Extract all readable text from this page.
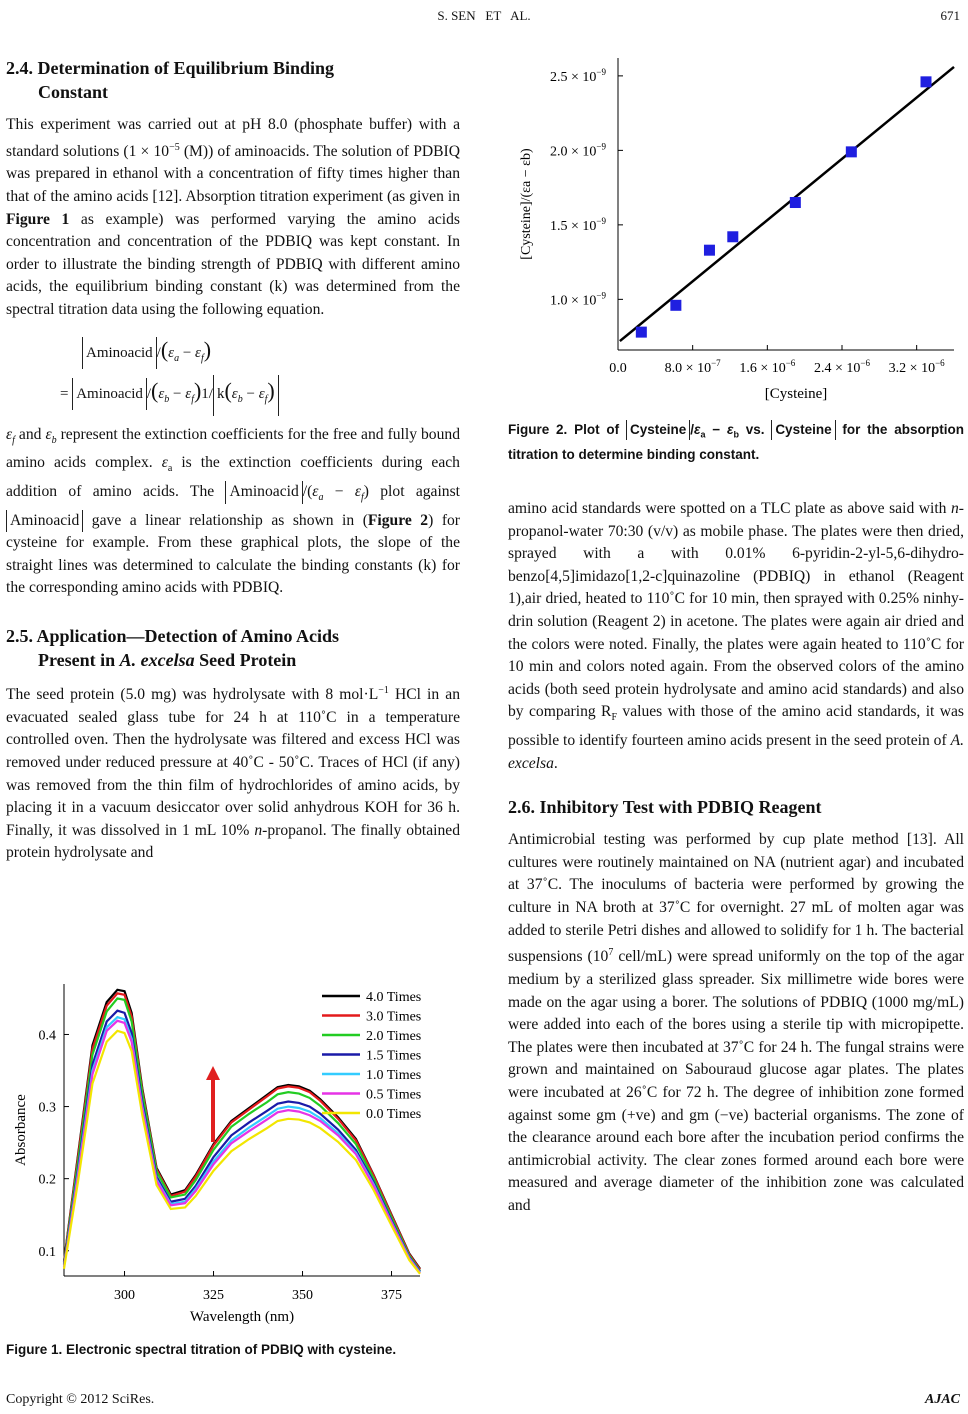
S. SEN   ET   AL.	671
2.4. Determination of Equilibrium Binding
Constant

This experiment was carried out at pH 8.0 (phosphate buffer) with a standard solutions ($1 \times 10^{-5}$ (M)) of aminoacids. The solution of PDBIQ was prepared in ethanol with a concentration of fifty times higher than that of the amino acids [12]. Absorption titration experiment (as given in Figure 1 as example) was performed varying the amino acids concentration and concentration of the PDBIQ was kept constant. In order to illustrate the binding strength of PDBIQ with different amino acids, the equilibrium binding constant (k) was determined from the spectral titration data using the following equation.

Aminoacid $/(\varepsilon_a - \varepsilon_f)$
= Aminoacid $/(\varepsilon_b - \varepsilon_f)1/$ $k(\varepsilon_b - \varepsilon_f)$

$\varepsilon_f$ and $\varepsilon_b$ represent the extinction coefficients for the free and fully bound amino acids complex. $\varepsilon_a$ is the extinction coefficients during each addition of amino acids. The Aminoacid $/(\varepsilon_a - \varepsilon_f)$ plot against Aminoacid gave a linear relationship as shown in (Figure 2) for cysteine for example. From these graphical plots, the slope of the straight lines was determined to calculate the binding constants (k) for the corresponding amino acids with PDBIQ.

2.5. Application—Detection of Amino Acids
Present in A. excelsa Seed Protein

The seed protein (5.0 mg) was hydrolysate with 8 $mol\cdot L^{-1}$ HCl in an evacuated sealed glass tube for 24 h at 110˚C in a temperature controlled oven. Then the hydrolysate was filtered and excess HCl was removed under reduced pressure at 40˚C - 50˚C. Traces of HCl (if any) was removed from the thin film of hydrochlorides of amino acids, by placing it in a vacuum desiccator over solid anhydrous KOH for 36 h. Finally, it was dissolved in 1 mL 10% n-propanol. The finally obtained protein hydrolysate and

300	325	350	375
0.1
0.2
0.3
0.4
Wavelength (nm)
Absorbance
4.0 Times
3.0 Times
2.0 Times
1.5 Times
1.0 Times
0.5 Times
0.0 Times
Figure 1. Electronic spectral titration of PDBIQ with cysteine.
0.0	$8.0 \times 10^{-7}$ $1.6 \times 10^{-6}$ $2.4 \times 10^{-6}$ $3.2 \times 10^{-6}$
$1.0 \times 10^{-9}$
$1.5 \times 10^{-9}$
$2.0 \times 10^{-9}$
$2.5 \times 10^{-9}$
[Cysteine]
[Cysteine]/(εa − εb)
Figure 2. Plot of Cysteine $/\varepsilon_a - \varepsilon_b$ vs. Cysteine for the absorption titration to determine binding constant.

amino acid standards were spotted on a TLC plate as above said with n-propanol-water 70:30 (v/v) as mobile phase. The plates were then dried, sprayed with a with 0.01% 6-pyridin-2-yl-5,6-dihydro-benzo[4,5]imidazo[1,2-c]quinazoline (PDBIQ) in ethanol (Reagent 1),air dried, heated to 110˚C for 10 min, then sprayed with 0.25% ninhydrin solution (Reagent 2) in acetone. The plates were again air dried and the colors were noted. Finally, the plates were again heated to 110˚C for 10 min and colors noted again. From the observed colors of the amino acids (both seed protein hydrolysate and amino acid standards) and also by comparing $R_F$ values with those of the amino acid standards, it was possible to identify fourteen amino acids present in the seed protein of A. excelsa.

2.6. Inhibitory Test with PDBIQ Reagent

Antimicrobial testing was performed by cup plate method [13]. All cultures were routinely maintained on NA (nutrient agar) and incubated at 37˚C. The inoculums of bacteria were performed by growing the culture in NA broth at 37˚C for overnight. 27 mL of molten agar was added to sterile Petri dishes and allowed to solidify for 1 h. The bacterial suspensions ($10^7$ cell/mL) were spread uniformly on the top of the agar medium by a sterilized glass spreader. Six millimetre wide bores were made on the agar using a borer. The solutions of PDBIQ (1000 mg/mL) were added into each of the bores using a sterile tip with micropipette. The plates were then incubated at 37˚C for 24 h. The fungal strains were grown and maintained on Sabouraud glucose agar plates. The plates were incubated at 26˚C for 72 h. The degree of inhibition zone formed against some gm (+ve) and gm (−ve) bacterial organisms. The zone of the clearance around each bore after the incubation period confirms the antimicrobial activity. The clear zones formed around each bore were measured and average diameter of the inhibition zone was calculated and

Copyright © 2012 SciRes.	AJAC
